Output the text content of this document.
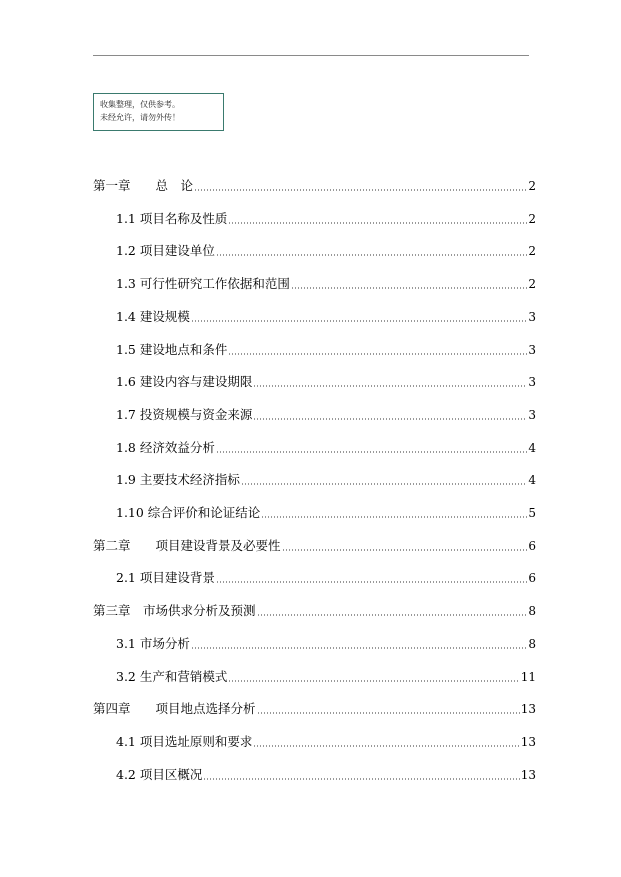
收集整理，仅供参考。
未经允许，请勿外传！
第一章　　总　论	2
1.1 项目名称及性质	2
1.2 项目建设单位	2
1.3 可行性研究工作依据和范围	2
1.4 建设规模	3
1.5 建设地点和条件	3
1.6 建设内容与建设期限	3
1.7 投资规模与资金来源	3
1.8 经济效益分析	4
1.9 主要技术经济指标	4
1.10 综合评价和论证结论	5
第二章　　项目建设背景及必要性	6
2.1 项目建设背景	6
第三章　市场供求分析及预测	8
3.1 市场分析	8
3.2 生产和营销模式	11
第四章　　项目地点选择分析	13
4.1 项目选址原则和要求	13
4.2 项目区概况	13
